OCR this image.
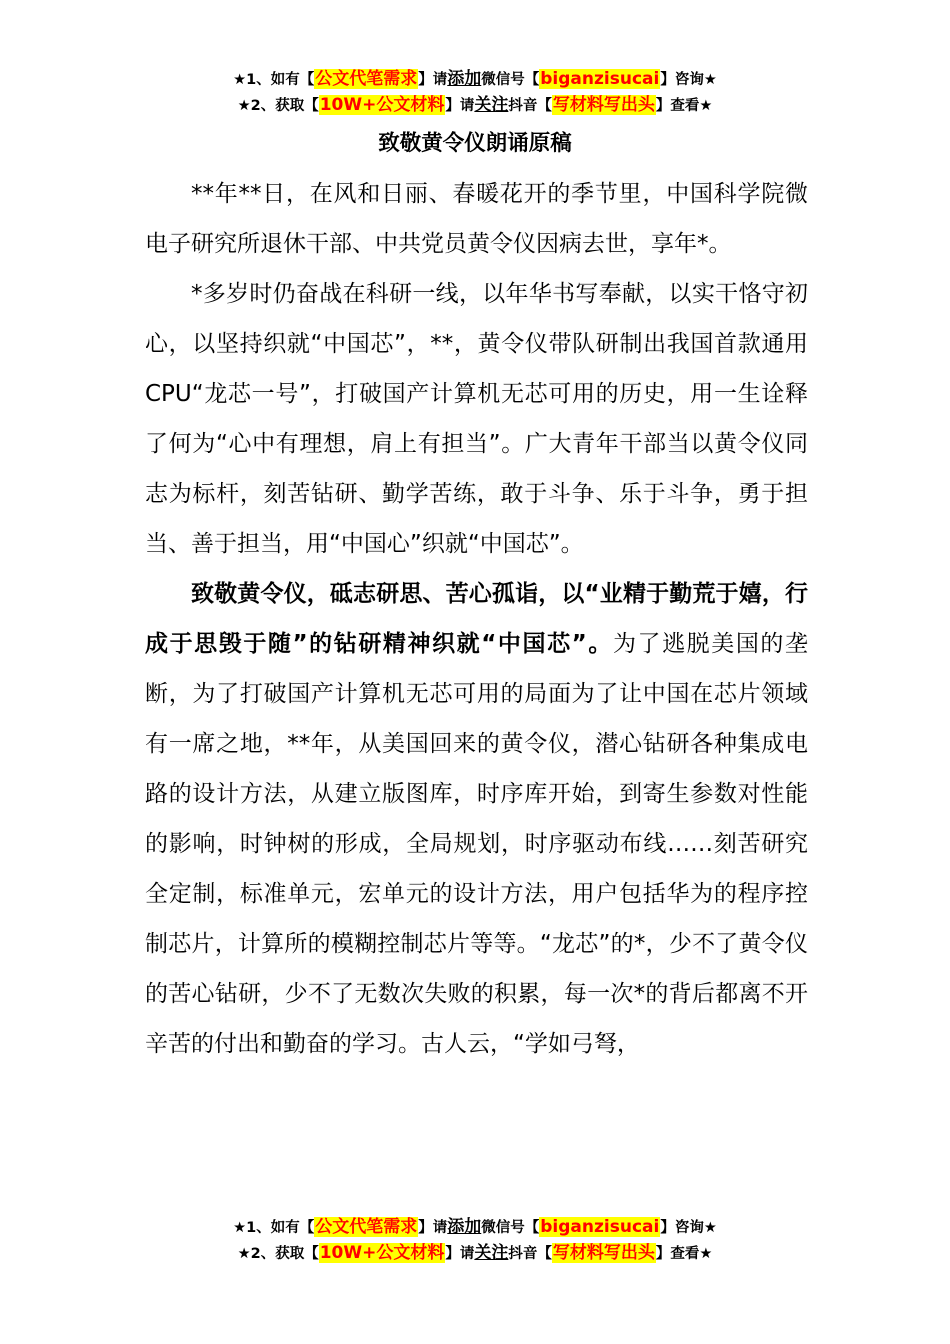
★1、如有【公文代笔需求】请添加微信号【biganzisucai】咨询★
★2、获取【10W+公文材料】请关注抖音【写材料写出头】查看★
致敬黄令仪朗诵原稿

**年**日，在风和日丽、春暖花开的季节里，中国科学院微电子研究所退休干部、中共党员黄令仪因病去世，享年*。

*多岁时仍奋战在科研一线，以年华书写奉献，以实干恪守初心，以坚持织就“中国芯”，**，黄令仪带队研制出我国首款通用CPU“龙芯一号”，打破国产计算机无芯可用的历史，用一生诠释了何为“心中有理想，肩上有担当”。广大青年干部当以黄令仪同志为标杆，刻苦钻研、勤学苦练，敢于斗争、乐于斗争，勇于担当、善于担当，用“中国心”织就“中国芯”。

致敬黄令仪，砥志研思、苦心孤诣，以“业精于勤荒于嬉，行成于思毁于随”的钻研精神织就“中国芯”。为了逃脱美国的垄断，为了打破国产计算机无芯可用的局面为了让中国在芯片领域有一席之地，**年，从美国回来的黄令仪，潜心钻研各种集成电路的设计方法，从建立版图库，时序库开始，到寄生参数对性能的影响，时钟树的形成，全局规划，时序驱动布线……刻苦研究全定制，标准单元，宏单元的设计方法，用户包括华为的程序控制芯片，计算所的模糊控制芯片等等。“龙芯”的*，少不了黄令仪的苦心钻研，少不了无数次失败的积累，每一次*的背后都离不开辛苦的付出和勤奋的学习。古人云，“学如弓弩，

★1、如有【公文代笔需求】请添加微信号【biganzisucai】咨询★
★2、获取【10W+公文材料】请关注抖音【写材料写出头】查看★
